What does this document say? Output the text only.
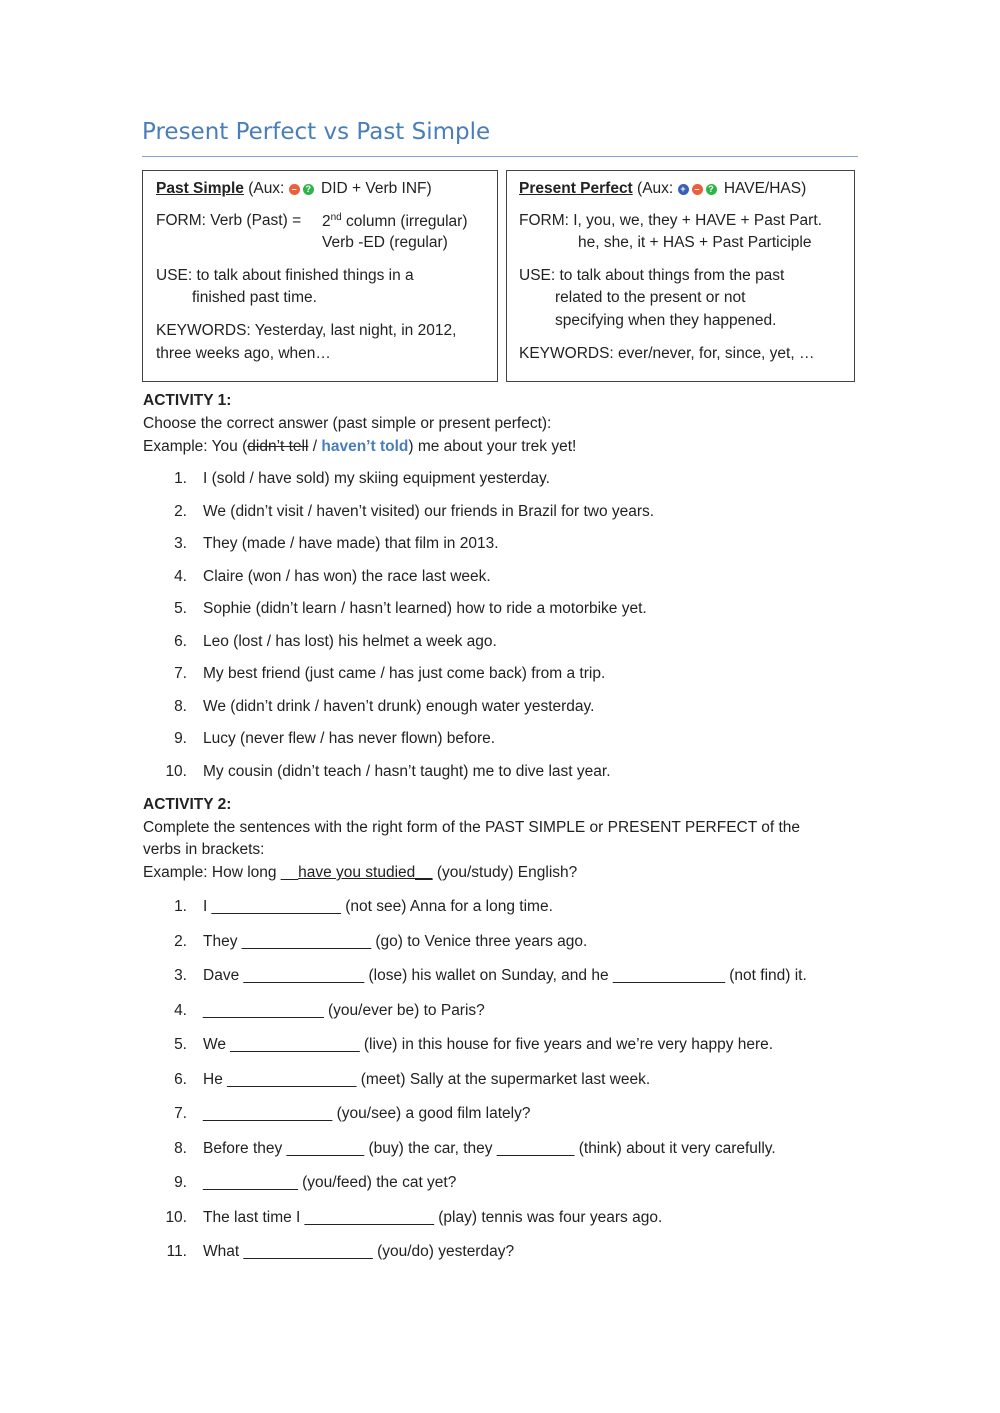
Present Perfect vs Past Simple
Past Simple (Aux: – ? DID + Verb INF)
FORM: Verb (Past) = 2nd column (irregular)
Verb -ED (regular)
USE: to talk about finished things in a
finished past time.
KEYWORDS: Yesterday, last night, in 2012,
three weeks ago, when…
Present Perfect (Aux: + – ? HAVE/HAS)
FORM: I, you, we, they + HAVE + Past Part.
he, she, it + HAS + Past Participle
USE: to talk about things from the past
related to the present or not
specifying when they happened.
KEYWORDS: ever/never, for, since, yet, …
ACTIVITY 1:
Choose the correct answer (past simple or present perfect):
Example: You (didn’t tell / haven’t told) me about your trek yet!
1. I (sold / have sold) my skiing equipment yesterday.
2. We (didn’t visit / haven’t visited) our friends in Brazil for two years.
3. They (made / have made) that film in 2013.
4. Claire (won / has won) the race last week.
5. Sophie (didn’t learn / hasn’t learned) how to ride a motorbike yet.
6. Leo (lost / has lost) his helmet a week ago.
7. My best friend (just came / has just come back) from a trip.
8. We (didn’t drink / haven’t drunk) enough water yesterday.
9. Lucy (never flew / has never flown) before.
10. My cousin (didn’t teach / hasn’t taught) me to dive last year.
ACTIVITY 2:
Complete the sentences with the right form of the PAST SIMPLE or PRESENT PERFECT of the
verbs in brackets:
Example: How long __have you studied__ (you/study) English?
1. I _______________ (not see) Anna for a long time.
2. They _______________ (go) to Venice three years ago.
3. Dave ______________ (lose) his wallet on Sunday, and he _____________ (not find) it.
4. ______________ (you/ever be) to Paris?
5. We _______________ (live) in this house for five years and we’re very happy here.
6. He _______________ (meet) Sally at the supermarket last week.
7. _______________ (you/see) a good film lately?
8. Before they _________ (buy) the car, they _________ (think) about it very carefully.
9. ___________ (you/feed) the cat yet?
10. The last time I _______________ (play) tennis was four years ago.
11. What _______________ (you/do) yesterday?
